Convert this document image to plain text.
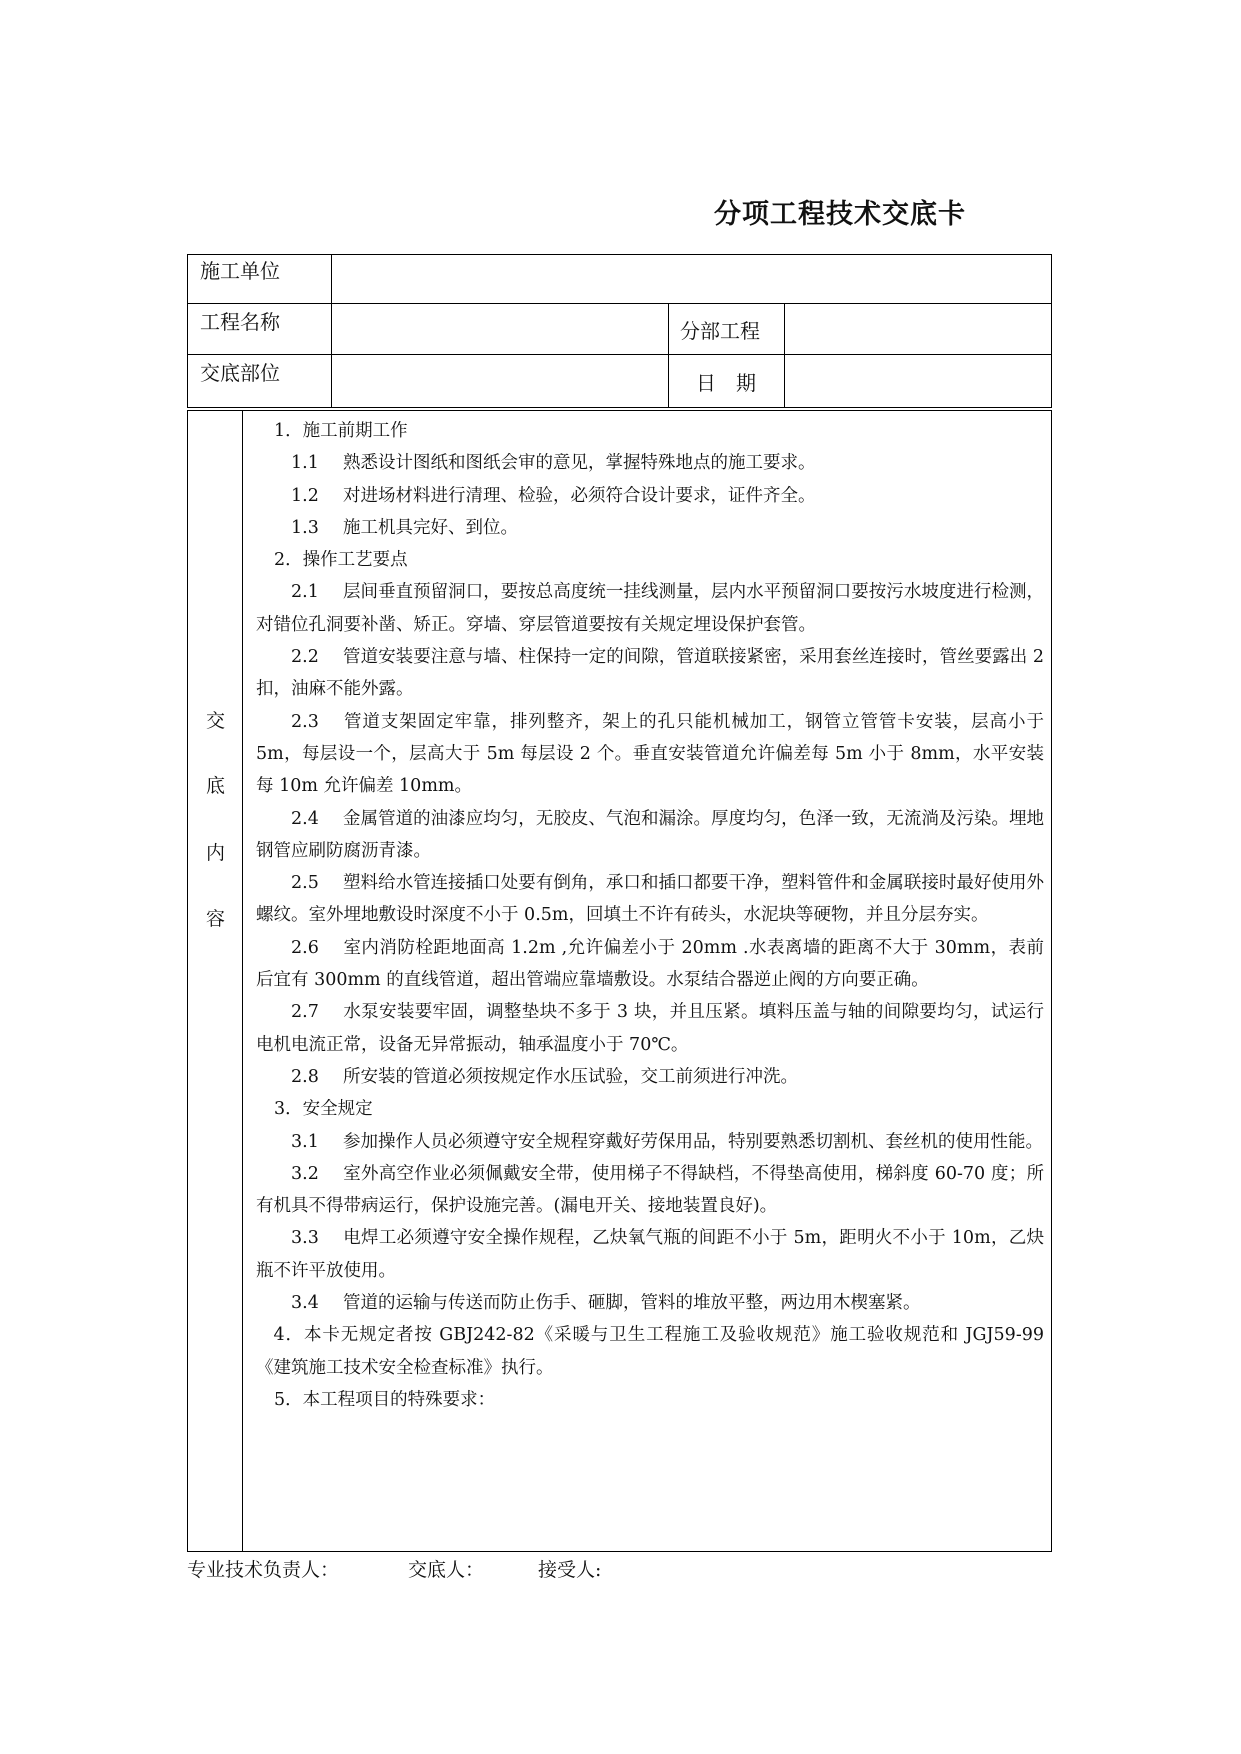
分项工程技术交底卡
施工单位
工程名称	分部工程
交底部位	日　期
交
底
内
容

1．施工前期工作

1.1 熟悉设计图纸和图纸会审的意见，掌握特殊地点的施工要求。

1.2 对进场材料进行清理、检验，必须符合设计要求，证件齐全。

1.3 施工机具完好、到位。

2．操作工艺要点

2.1 层间垂直预留洞口，要按总高度统一挂线测量，层内水平预留洞口要按污水坡度进行检测，对错位孔洞要补凿、矫正。穿墙、穿层管道要按有关规定埋设保护套管。

2.2 管道安装要注意与墙、柱保持一定的间隙，管道联接紧密，采用套丝连接时，管丝要露出 2 扣，油麻不能外露。

2.3 管道支架固定牢靠，排列整齐，架上的孔只能机械加工，钢管立管管卡安装，层高小于 5m，每层设一个，层高大于 5m 每层设 2 个。垂直安装管道允许偏差每 5m 小于 8mm，水平安装每 10m 允许偏差 10mm。

2.4 金属管道的油漆应均匀，无胶皮、气泡和漏涂。厚度均匀，色泽一致，无流淌及污染。埋地钢管应刷防腐沥青漆。

2.5 塑料给水管连接插口处要有倒角，承口和插口都要干净，塑料管件和金属联接时最好使用外螺纹。室外埋地敷设时深度不小于 0.5m，回填土不许有砖头，水泥块等硬物，并且分层夯实。

2.6 室内消防栓距地面高 1.2m ,允许偏差小于 20mm .水表离墙的距离不大于 30mm，表前后宜有 300mm 的直线管道，超出管端应靠墙敷设。水泵结合器逆止阀的方向要正确。

2.7 水泵安装要牢固，调整垫块不多于 3 块，并且压紧。填料压盖与轴的间隙要均匀，试运行电机电流正常，设备无异常振动，轴承温度小于 70℃。

2.8 所安装的管道必须按规定作水压试验，交工前须进行冲洗。

3．安全规定

3.1 参加操作人员必须遵守安全规程穿戴好劳保用品，特别要熟悉切割机、套丝机的使用性能。

3.2 室外高空作业必须佩戴安全带，使用梯子不得缺档，不得垫高使用，梯斜度 60-70 度；所有机具不得带病运行，保护设施完善。(漏电开关、接地装置良好)。

3.3 电焊工必须遵守安全操作规程，乙炔氧气瓶的间距不小于 5m，距明火不小于 10m，乙炔瓶不许平放使用。

3.4 管道的运输与传送而防止伤手、砸脚，管料的堆放平整，两边用木楔塞紧。

4．本卡无规定者按 GBJ242-82《采暖与卫生工程施工及验收规范》施工验收规范和 JGJ59-99《建筑施工技术安全检查标准》执行。

5．本工程项目的特殊要求：

专业技术负责人：	交底人：	接受人:
